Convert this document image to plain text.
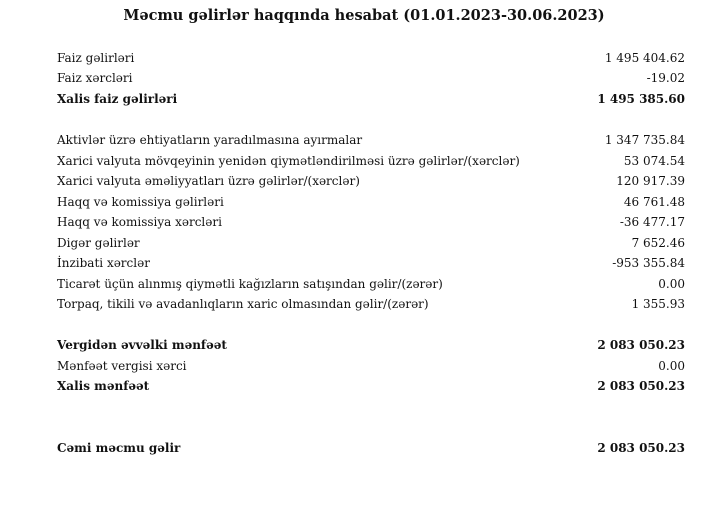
Məcmu gəlirlər haqqında hesabat (01.01.2023-30.06.2023)
Faiz gəlirləri	1 495 404.62
Faiz xərcləri	-19.02
Xalis faiz gəlirləri	1 495 385.60
Aktivlər üzrə ehtiyatların yaradılmasına ayırmalar	1 347 735.84
Xarici valyuta mövqeyinin yenidən qiymətləndirilməsi üzrə gəlirlər/(xərclər)	53 074.54
Xarici valyuta əməliyyatları üzrə gəlirlər/(xərclər)	120 917.39
Haqq və komissiya gəlirləri	46 761.48
Haqq və komissiya xərcləri	-36 477.17
Digər gəlirlər	7 652.46
İnzibati xərclər	-953 355.84
Ticarət üçün alınmış qiymətli kağızların satışından gəlir/(zərər)	0.00
Torpaq, tikili və avadanlıqların xaric olmasından gəlir/(zərər)	1 355.93
Vergidən əvvəlki mənfəət	2 083 050.23
Mənfəət vergisi xərci	0.00
Xalis mənfəət	2 083 050.23
Cəmi məcmu gəlir	2 083 050.23
